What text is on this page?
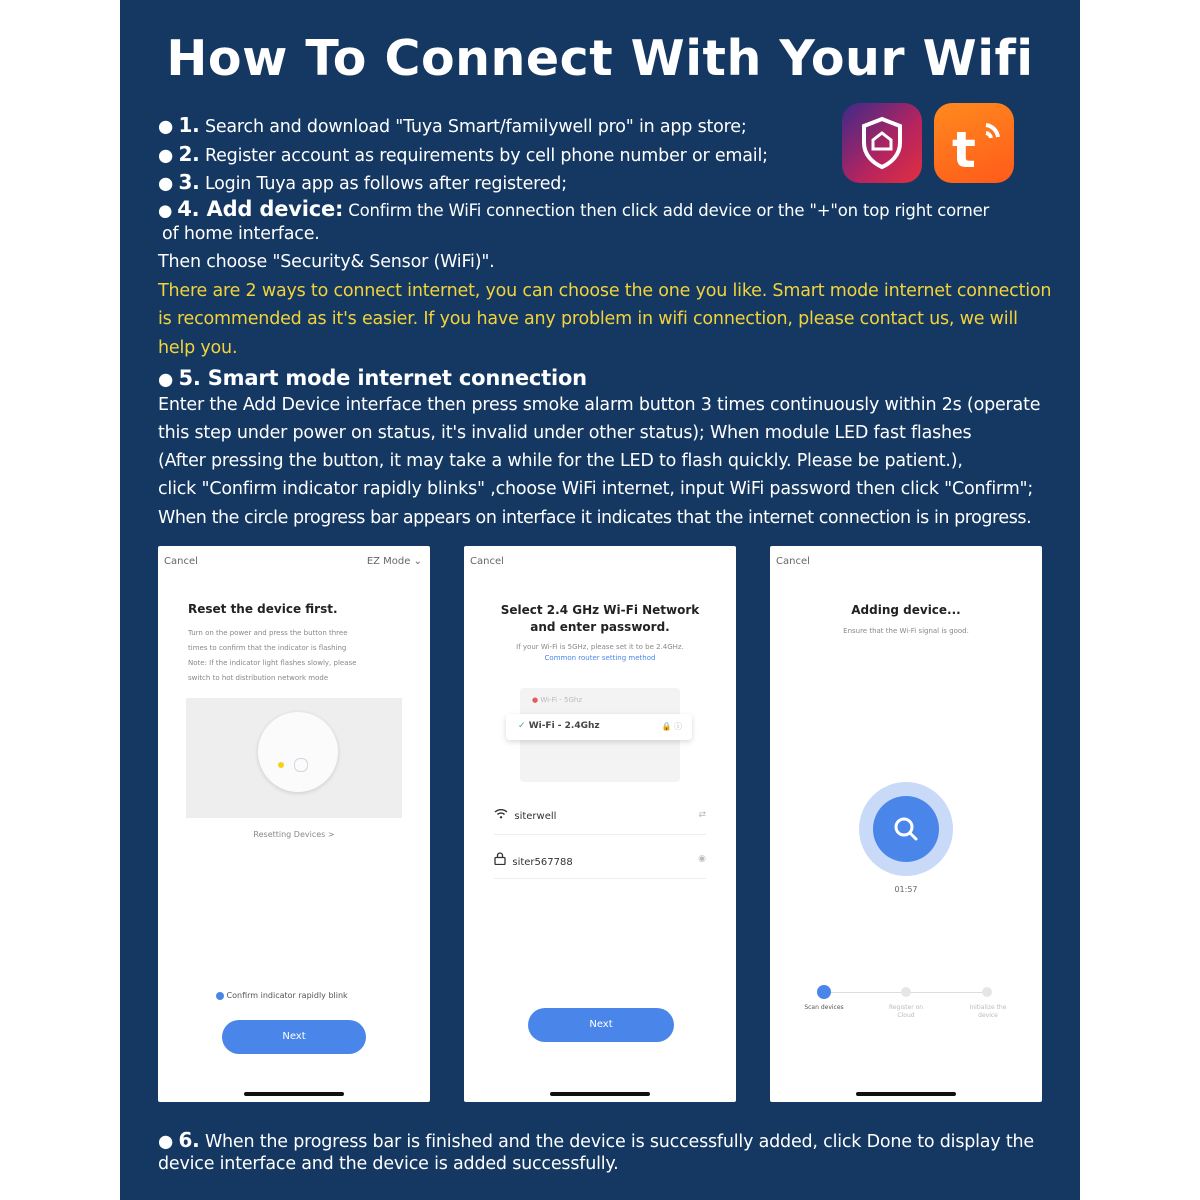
How To Connect With Your Wifi
t
● 1. Search and download "Tuya Smart/familywell pro" in app store;
● 2. Register account as requirements by cell phone number or email;
● 3. Login Tuya app as follows after registered;
● 4. Add device: Confirm the WiFi connection then click add device or the "+"on top right corner
of home interface.
Then choose "Security& Sensor (WiFi)".
There are 2 ways to connect internet, you can choose the one you like. Smart mode internet connection
is recommended as it's easier. If you have any problem in wifi connection, please contact us, we will
help you.
● 5. Smart mode internet connection
Enter the Add Device interface then press smoke alarm button 3 times continuously within 2s (operate
this step under power on status, it's invalid under other status); When module LED fast flashes
(After pressing the button, it may take a while for the LED to flash quickly. Please be patient.),
click "Confirm indicator rapidly blinks" ,choose WiFi internet, input WiFi password then click "Confirm";
When the circle progress bar appears on interface it indicates that the internet connection is in progress.
Cancel	EZ Mode ⌄
Reset the device first.
Turn on the power and press the button three
times to confirm that the indicator is flashing
Note: If the indicator light flashes slowly, please
switch to hot distribution network mode
Resetting Devices >
Confirm indicator rapidly blink
Next
Cancel
Select 2.4 GHz Wi-Fi Network
and enter password.
If your Wi-Fi is 5GHz, please set it to be 2.4GHz.
Common router setting method
● Wi-Fi - 5Ghz
✓ Wi-Fi - 2.4Ghz	🔒 ⓘ
siterwell	⇄
siter567788	◉
Next
Cancel
Adding device...
Ensure that the Wi-Fi signal is good.
01:57
Scan devices	Register on Cloud
Initialize the device
● 6. When the progress bar is finished and the device is successfully added, click Done to display the
device interface and the device is added successfully.
